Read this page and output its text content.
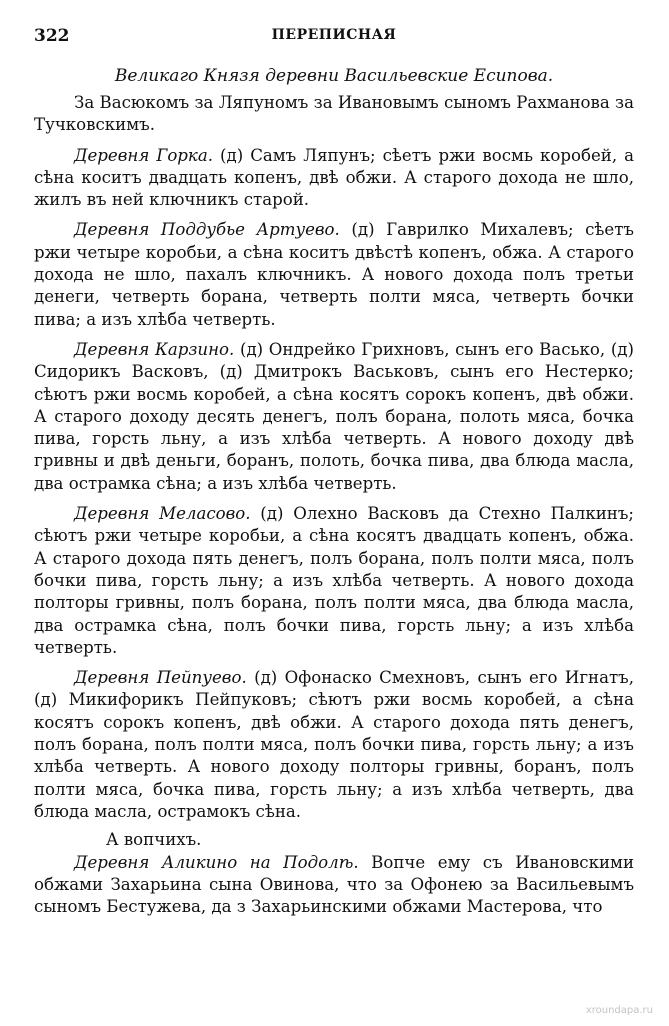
322	ПЕРЕПИСНАЯ
Великаго Князя деревни Васильевские Есипова.

За Васюкомъ за Ляпуномъ за Ивановымъ сыномъ Рахманова за Тучковскимъ.

Деревня Горка. (д) Самъ Ляпунъ; сѣетъ ржи восмь коробей, а сѣна коситъ двадцать копенъ, двѣ обжи. А старого дохода не шло, жилъ въ ней ключникъ старой.

Деревня Поддубье Артуево. (д) Гаврилко Михалевъ; сѣетъ ржи четыре коробьи, а сѣна коситъ двѣстѣ копенъ, обжа. А старого дохода не шло, пахалъ ключникъ. А нового дохода полъ третьи денеги, четверть борана, четверть полти мяса, четверть бочки пива; а изъ хлѣба четверть.

Деревня Карзино. (д) Ондрейко Грихновъ, сынъ его Васько, (д) Сидорикъ Васковъ, (д) Дмитрокъ Васьковъ, сынъ его Нестерко; сѣютъ ржи восмь коробей, а сѣна косятъ сорокъ копенъ, двѣ обжи. А старого доходу десять денегъ, полъ борана, полоть мяса, бочка пива, горсть льну, а изъ хлѣба четверть. А нового доходу двѣ гривны и двѣ деньги, боранъ, полоть, бочка пива, два блюда масла, два острамка сѣна; а изъ хлѣба четверть.

Деревня Меласово. (д) Олехно Васковъ да Стехно Палкинъ; сѣютъ ржи четыре коробьи, а сѣна косятъ двадцать копенъ, обжа. А старого дохода пять денегъ, полъ борана, полъ полти мяса, полъ бочки пива, горсть льну; а изъ хлѣба четверть. А нового дохода полторы гривны, полъ борана, полъ полти мяса, два блюда масла, два острамка сѣна, полъ бочки пива, горсть льну; а изъ хлѣба четверть.

Деревня Пейпуево. (д) Офонаско Смехновъ, сынъ его Игнатъ, (д) Микифорикъ Пейпуковъ; сѣютъ ржи восмь коробей, а сѣна косятъ сорокъ копенъ, двѣ обжи. А старого дохода пять денегъ, полъ борана, полъ полти мяса, полъ бочки пива, горсть льну; а изъ хлѣба четверть. А нового доходу полторы гривны, боранъ, полъ полти мяса, бочка пива, горсть льну; а изъ хлѣба четверть, два блюда масла, острамокъ сѣна.

А вопчихъ.

Деревня Аликино на Подолѣ. Вопче ему съ Ивановскими обжами Захарьина сына Овинова, что за Офонею за Васильевымъ сыномъ Бестужева, да з Захарьинскими обжами Мастерова, что

xroundapa.ru
